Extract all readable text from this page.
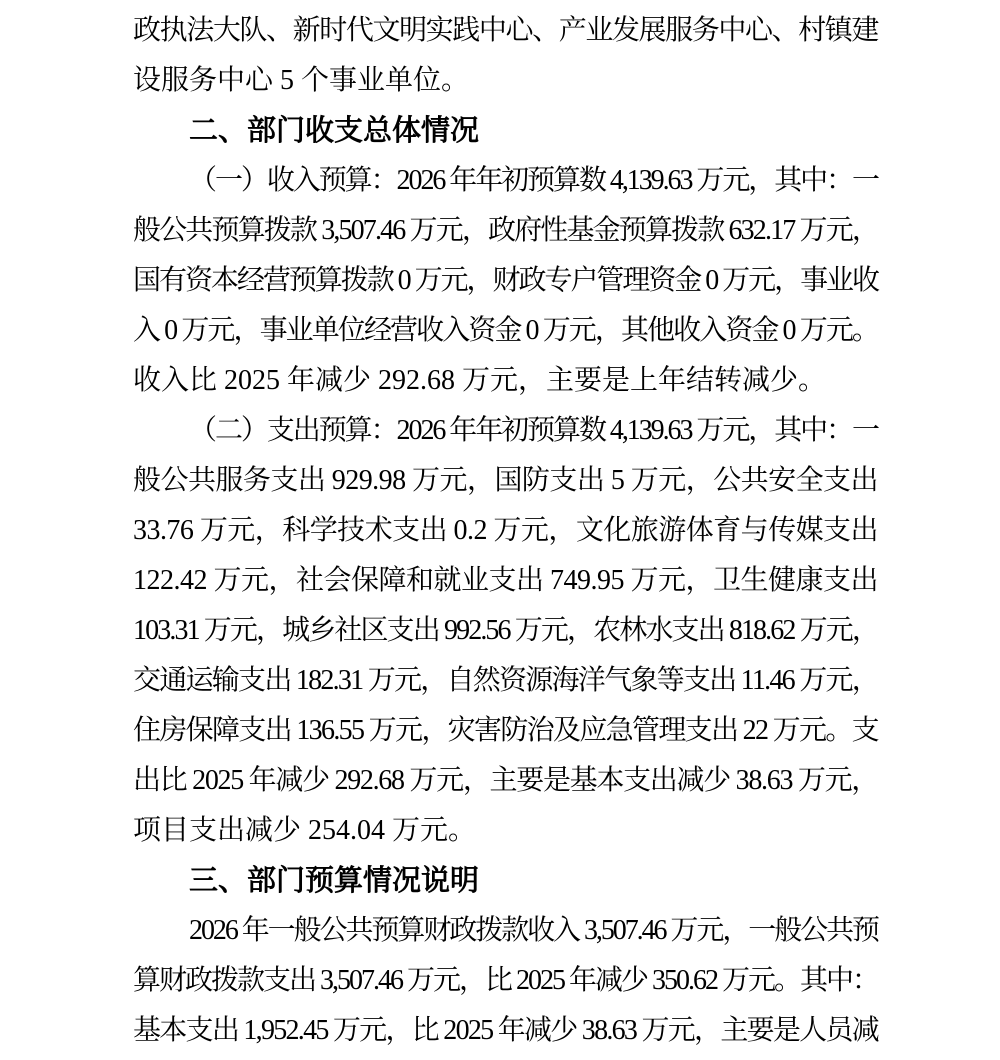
政执法大队、新时代文明实践中心、产业发展服务中心、村镇建
设服务中心 5 个事业单位。
二、部门收支总体情况
（一）收入预算：2026 年年初预算数 4,139.63 万元，其中：一
般公共预算拨款 3,507.46 万元，政府性基金预算拨款 632.17 万元，
国有资本经营预算拨款 0 万元，财政专户管理资金 0 万元，事业收
入 0 万元，事业单位经营收入资金 0 万元，其他收入资金 0 万元。
收入比 2025 年减少 292.68 万元，主要是上年结转减少。
（二）支出预算：2026 年年初预算数 4,139.63 万元，其中：一
般公共服务支出 929.98 万元，国防支出 5 万元，公共安全支出
33.76 万元，科学技术支出 0.2 万元，文化旅游体育与传媒支出
122.42 万元，社会保障和就业支出 749.95 万元，卫生健康支出
103.31 万元，城乡社区支出 992.56 万元，农林水支出 818.62 万元，
交通运输支出 182.31 万元，自然资源海洋气象等支出 11.46 万元，
住房保障支出 136.55 万元，灾害防治及应急管理支出 22 万元。支
出比 2025 年减少 292.68 万元，主要是基本支出减少 38.63 万元，
项目支出减少 254.04 万元。
三、部门预算情况说明
2026 年一般公共预算财政拨款收入 3,507.46 万元，一般公共预
算财政拨款支出 3,507.46 万元，比 2025 年减少 350.62 万元。其中：
基本支出 1,952.45 万元，比 2025 年减少 38.63 万元，主要是人员减
